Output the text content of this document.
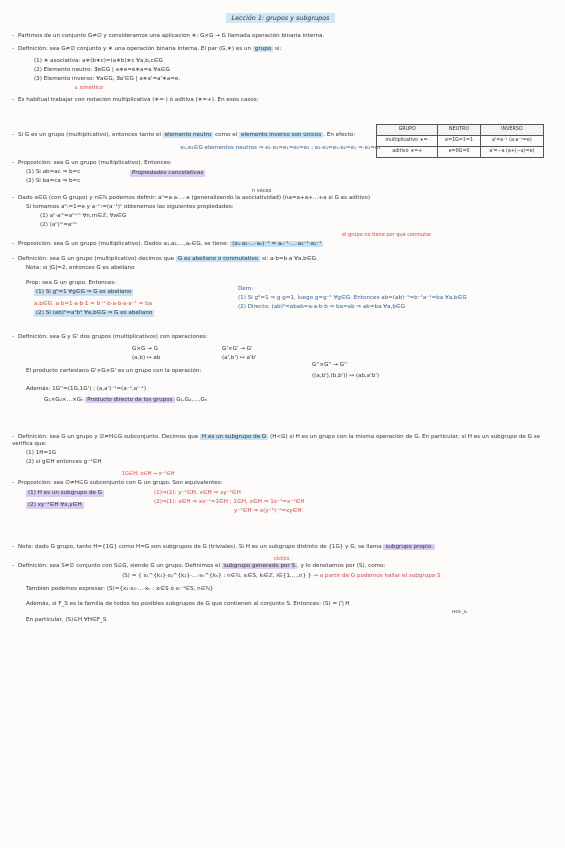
Lección 1: grupos y subgrupos
- Partimos de un conjunto G≠∅ y consideramos una aplicación ∗: G×G → G llamada operación binaria interna.
- Definición: sea G≠∅ conjunto y ∗ una operación binaria interna. El par (G,∗) es un grupo si:
(1) ∗ asociativa: a∗(b∗c)=(a∗b)∗c ∀a,b,c∈G
(2) Elemento neutro: ∃e∈G | a∗e=e∗a=a ∀a∈G
(3) Elemento inverso: ∀a∈G, ∃a'∈G | a∗a'=a'∗a=e.
↳ simétrico
- Es habitual trabajar con notación multiplicativa (∗=·) ó aditiva (∗=+). En esos casos:
GRUPO	NEUTRO	INVERSO
multiplicativo ∗=·	e=1G=𝟙=1	a'=a⁻¹ (a·a⁻¹=e)
aditivo ∗=+	e=0G=0	a'=−a (a+(−a)=e)
- Si G es un grupo (multiplicativo), entonces tanto el elemento neutro como el elemento inverso son únicos . En efecto:
e₁,e₂∈G elementos neutros ⇒ e₁·e₂=e₁=e₂=e₂ ; e₂·e₁=e₁·e₂=e₁ ⇒ e₁=e₂
- Proposición: sea G un grupo (multiplicativo). Entonces:
(1) Si ab=ac ⇒ b=c
(2) Si ba=ca ⇒ b=c
Propiedades cancelativas
n veces
- Dado a∈G (con G grupo) y n∈ℕ podemos definir: aⁿ=a·a·…·a (generalizando la asociatividad) (na=a+a+…+a si G es aditivo)
Si tomamos a⁰:=1=e y a⁻ⁿ:=(a⁻¹)ⁿ obtenemos las siguientes propiedades:
(1) aⁿ·aᵐ=aⁿ⁺ᵐ ∀n,m∈ℤ, ∀a∈G
(2) (aⁿ)ᵐ=aⁿᵐ
el grupo no tiene por qué conmutar
- Proposición: sea G un grupo (multiplicativo). Dados a₁,a₂,…,aₙ∈G, se tiene: (a₁·a₂·…·aₙ)⁻¹ = aₙ⁻¹·…·a₂⁻¹·a₁⁻¹
- Definición: sea G un grupo (multiplicativo) decimos que G es abeliano o conmutativo si: a·b=b·a ∀a,b∈G.
Nota: si |G|=2, entonces G es abeliano
Prop: sea G un grupo. Entonces:
(1) Si g²=1 ∀g∈G ⇒ G es abeliano
a,b∈G. a·b=1·a·b·1 = b⁻¹·b·a·b·a·a⁻¹ = ba
(2) Si (ab)²=a²b² ∀a,b∈G ⇒ G es abeliano
Dem:
(1) Si g²=1 ⇒ g·g=1, luego g=g⁻¹ ∀g∈G. Entonces ab=(ab)⁻¹=b⁻¹a⁻¹=ba ∀a,b∈G
(2) Directo: (ab)²=abab=a·a·b·b ⇒ ba=ab ⇒ ab=ba ∀a,b∈G
- Definición: sea G y G' dos grupos (multiplicativos) con operaciones:
G×G → G
(a,b) ↦ ab
G'×G' → G'
(a',b') ↦ a'b'
G''×G'' → G''
((a,b'),(b,b')) ↦ (ab,a'b')
El producto cartesiano G'×G×G' es un grupo con la operación:
Además: 1G''=(1G,1G') ; (a,a')⁻¹=(a⁻¹,a'⁻¹)
G₁×G₂×…×Gₙ Producto directo de los grupos G₁,G₂,…,Gₙ
- Definición: sea G un grupo y ∅≠H⊆G subconjunto. Decimos que H es un subgrupo de G (H<G) si H es un grupo con la misma operación de G. En particular, si H es un subgrupo de G se verifica que:
(1) 1H=1G
(2) si g∈H entonces g⁻¹∈H
1G∈H, x∈H ⇒ x⁻¹∈H
- Proposición: sea ∅≠H⊆G subconjunto con G un grupo. Son equivalentes:
(1) H es un subgrupo de G (2) xy⁻¹∈H ∀x,y∈H
(1)⇒(2): y⁻¹∈H, x∈H ⇒ xy⁻¹∈H
(2)⇒(1): x∈H ⇒ xx⁻¹=1∈H ; 1∈H, x∈H ⇒ 1x⁻¹=x⁻¹∈H
y⁻¹∈H ⇒ x(y⁻¹)⁻¹=xy∈H
- Nota: dado G grupo, tanto H={1G} como H=G son subgrupos de G (triviales). Si H es un subgrupo distinto de {1G} y G, se llama subgrupo propio.
cíclico
- Definición: sea S≠∅ conjunto con S⊆G, siendo G un grupo. Definimos el subgrupo generado por S , y lo denotamos por ⟨S⟩, como:
⟨S⟩ = { s₁^{k₁}·s₂^{k₂}·…·sₙ^{kₙ} : n∈ℕ, sᵢ∈S, kᵢ∈ℤ, i∈{1,…,n} } → a partir de G podemos hallar el subgrupo S
También podemos expresar: ⟨S⟩={x₁·x₂·…·xₙ : xᵢ∈S ó xᵢ⁻¹∈S, n∈ℕ}
Además, si F_S es la familia de todos los posibles subgrupos de G que contienen al conjunto S. Entonces: ⟨S⟩ = ⋂ H
H∈F_S
En particular, ⟨S⟩⊆H ∀H∈F_S
